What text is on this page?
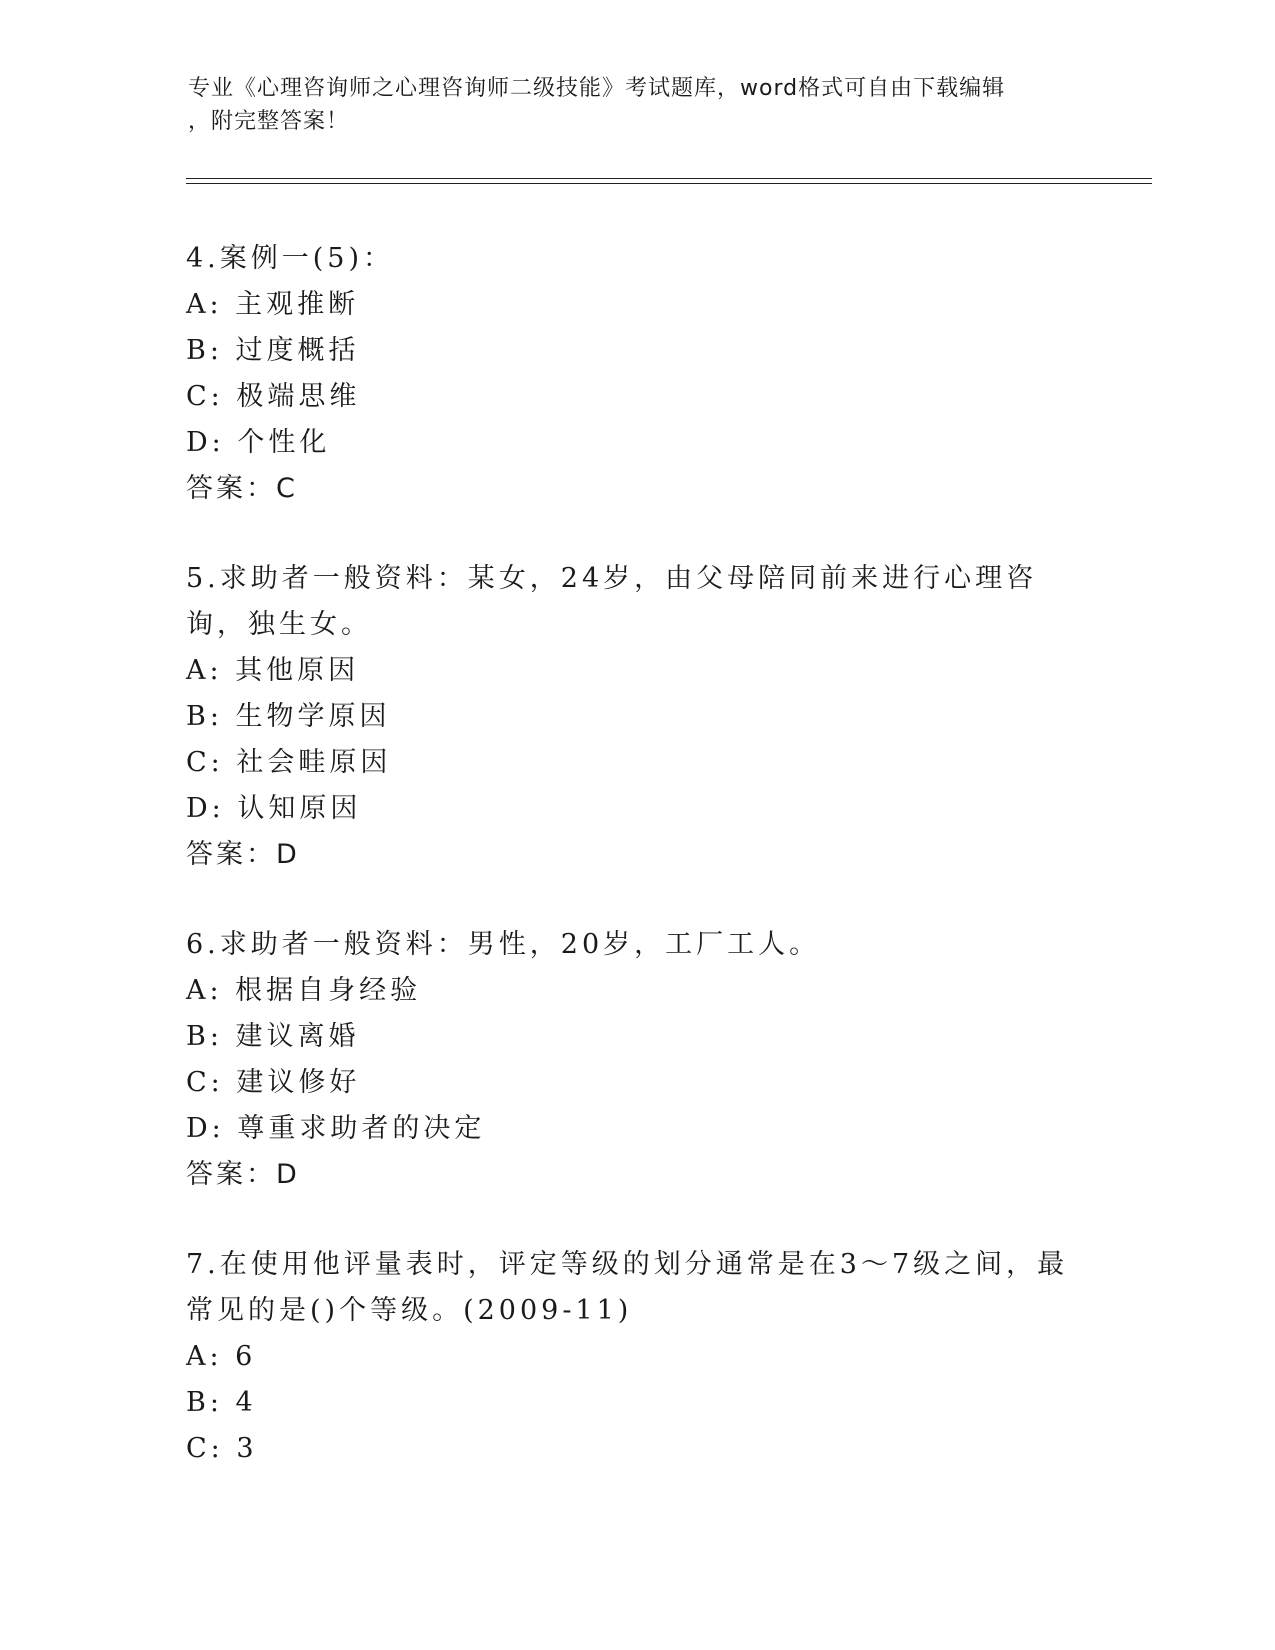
专业《心理咨询师之心理咨询师二级技能》考试题库，word格式可自由下载编辑
，附完整答案！
4.案例一(5)：
A: 主观推断
B: 过度概括
C: 极端思维
D: 个性化
答案：C
5.求助者一般资料：某女，24岁，由父母陪同前来进行心理咨询，独生女。
A: 其他原因
B: 生物学原因
C: 社会畦原因
D: 认知原因
答案：D
6.求助者一般资料：男性，20岁，工厂工人。
A: 根据自身经验
B: 建议离婚
C: 建议修好
D: 尊重求助者的决定
答案：D
7.在使用他评量表时，评定等级的划分通常是在3～7级之间，最常见的是()个等级。(2009-11)
A: 6
B: 4
C: 3
